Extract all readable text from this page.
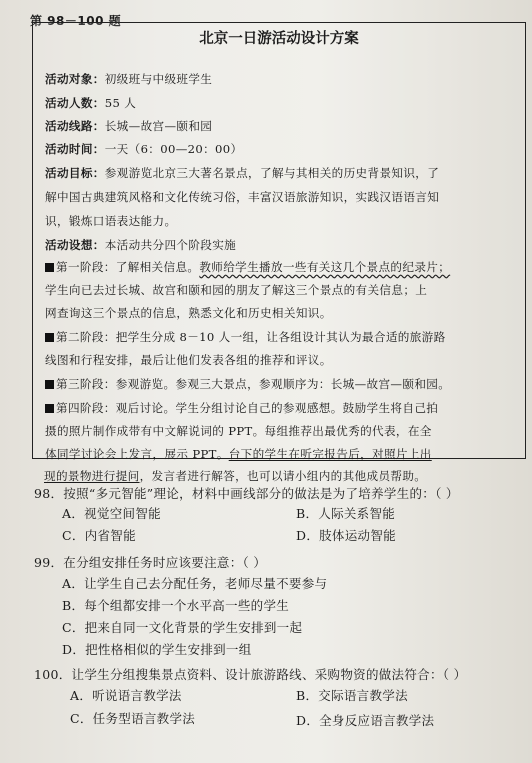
第 98－100 题
北京一日游活动设计方案
活动对象：初级班与中级班学生
活动人数：55 人
活动线路：长城—故宫—颐和园
活动时间：一天（6：00—20：00）
活动目标：参观游览北京三大著名景点，了解与其相关的历史背景知识，了
解中国古典建筑风格和文化传统习俗，丰富汉语旅游知识，实践汉语语言知
识，锻炼口语表达能力。
活动设想：本活动共分四个阶段实施
第一阶段：了解相关信息。教师给学生播放一些有关这几个景点的纪录片；
学生向已去过长城、故宫和颐和园的朋友了解这三个景点的有关信息；上
网查询这三个景点的信息，熟悉文化和历史相关知识。
第二阶段：把学生分成 8－10 人一组，让各组设计其认为最合适的旅游路
线图和行程安排，最后让他们发表各组的推荐和评议。
第三阶段：参观游览。参观三大景点，参观顺序为：长城—故宫—颐和园。
第四阶段：观后讨论。学生分组讨论自己的参观感想。鼓励学生将自己拍
摄的照片制作成带有中文解说词的 PPT。每组推荐出最优秀的代表，在全
体同学讨论会上发言，展示 PPT。台下的学生在听完报告后，对照片上出
现的景物进行提问，发言者进行解答，也可以请小组内的其他成员帮助。
98．按照“多元智能”理论，材料中画线部分的做法是为了培养学生的：（ ）
A．视觉空间智能	B．人际关系智能
C．内省智能	D．肢体运动智能
99．在分组安排任务时应该要注意：（ ）
A．让学生自己去分配任务，老师尽量不要参与
B．每个组都安排一个水平高一些的学生
C．把来自同一文化背景的学生安排到一起
D．把性格相似的学生安排到一组
100．让学生分组搜集景点资料、设计旅游路线、采购物资的做法符合：（ ）
A．听说语言教学法	B．交际语言教学法
C．任务型语言教学法	D．全身反应语言教学法
